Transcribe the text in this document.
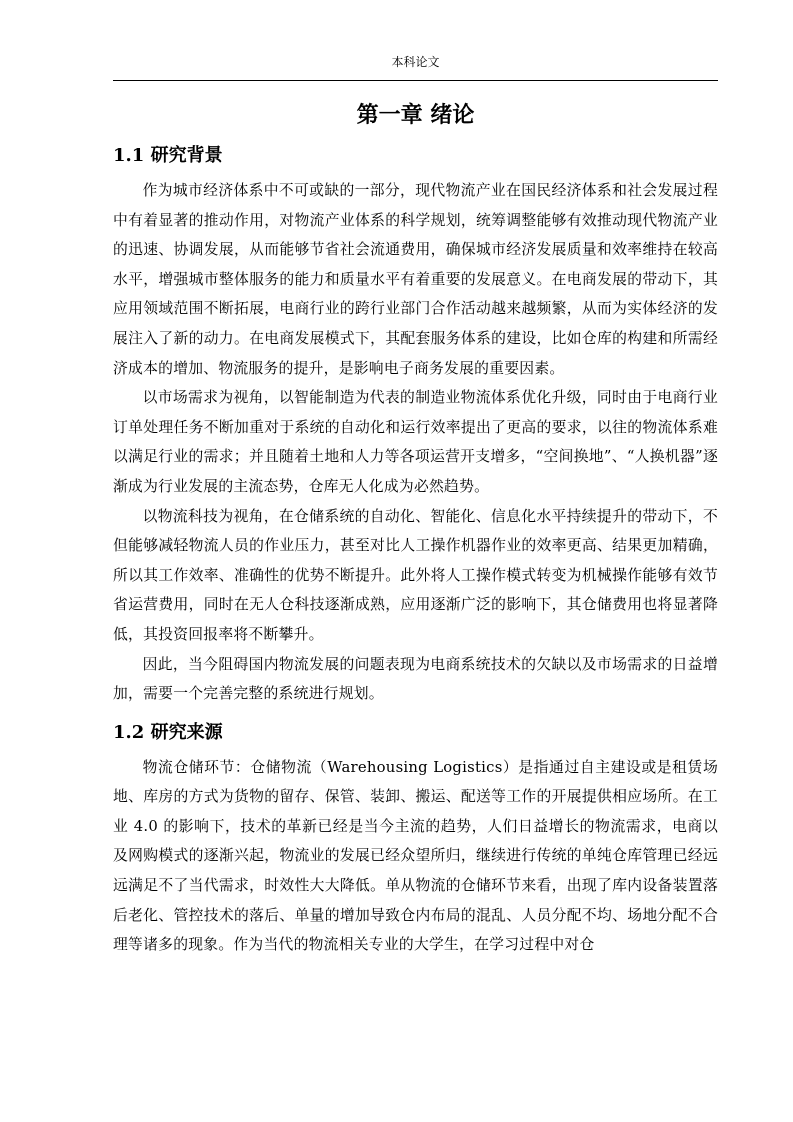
本科论文
第一章 绪论
1.1 研究背景

作为城市经济体系中不可或缺的一部分，现代物流产业在国民经济体系和社会发展过程中有着显著的推动作用，对物流产业体系的科学规划，统筹调整能够有效推动现代物流产业的迅速、协调发展，从而能够节省社会流通费用，确保城市经济发展质量和效率维持在较高水平，增强城市整体服务的能力和质量水平有着重要的发展意义。在电商发展的带动下，其应用领域范围不断拓展，电商行业的跨行业部门合作活动越来越频繁，从而为实体经济的发展注入了新的动力。在电商发展模式下，其配套服务体系的建设，比如仓库的构建和所需经济成本的增加、物流服务的提升，是影响电子商务发展的重要因素。

以市场需求为视角，以智能制造为代表的制造业物流体系优化升级，同时由于电商行业订单处理任务不断加重对于系统的自动化和运行效率提出了更高的要求，以往的物流体系难以满足行业的需求；并且随着土地和人力等各项运营开支增多，“空间换地”、“人换机器”逐渐成为行业发展的主流态势，仓库无人化成为必然趋势。

以物流科技为视角，在仓储系统的自动化、智能化、信息化水平持续提升的带动下，不但能够减轻物流人员的作业压力，甚至对比人工操作机器作业的效率更高、结果更加精确，所以其工作效率、准确性的优势不断提升。此外将人工操作模式转变为机械操作能够有效节省运营费用，同时在无人仓科技逐渐成熟，应用逐渐广泛的影响下，其仓储费用也将显著降低，其投资回报率将不断攀升。

因此，当今阻碍国内物流发展的问题表现为电商系统技术的欠缺以及市场需求的日益增加，需要一个完善完整的系统进行规划。

1.2 研究来源

物流仓储环节：仓储物流（Warehousing Logistics）是指通过自主建设或是租赁场地、库房的方式为货物的留存、保管、装卸、搬运、配送等工作的开展提供相应场所。在工业 4.0 的影响下，技术的革新已经是当今主流的趋势，人们日益增长的物流需求，电商以及网购模式的逐渐兴起，物流业的发展已经众望所归，继续进行传统的单纯仓库管理已经远远满足不了当代需求，时效性大大降低。单从物流的仓储环节来看，出现了库内设备装置落后老化、管控技术的落后、单量的增加导致仓内布局的混乱、人员分配不均、场地分配不合理等诸多的现象。作为当代的物流相关专业的大学生，在学习过程中对仓
